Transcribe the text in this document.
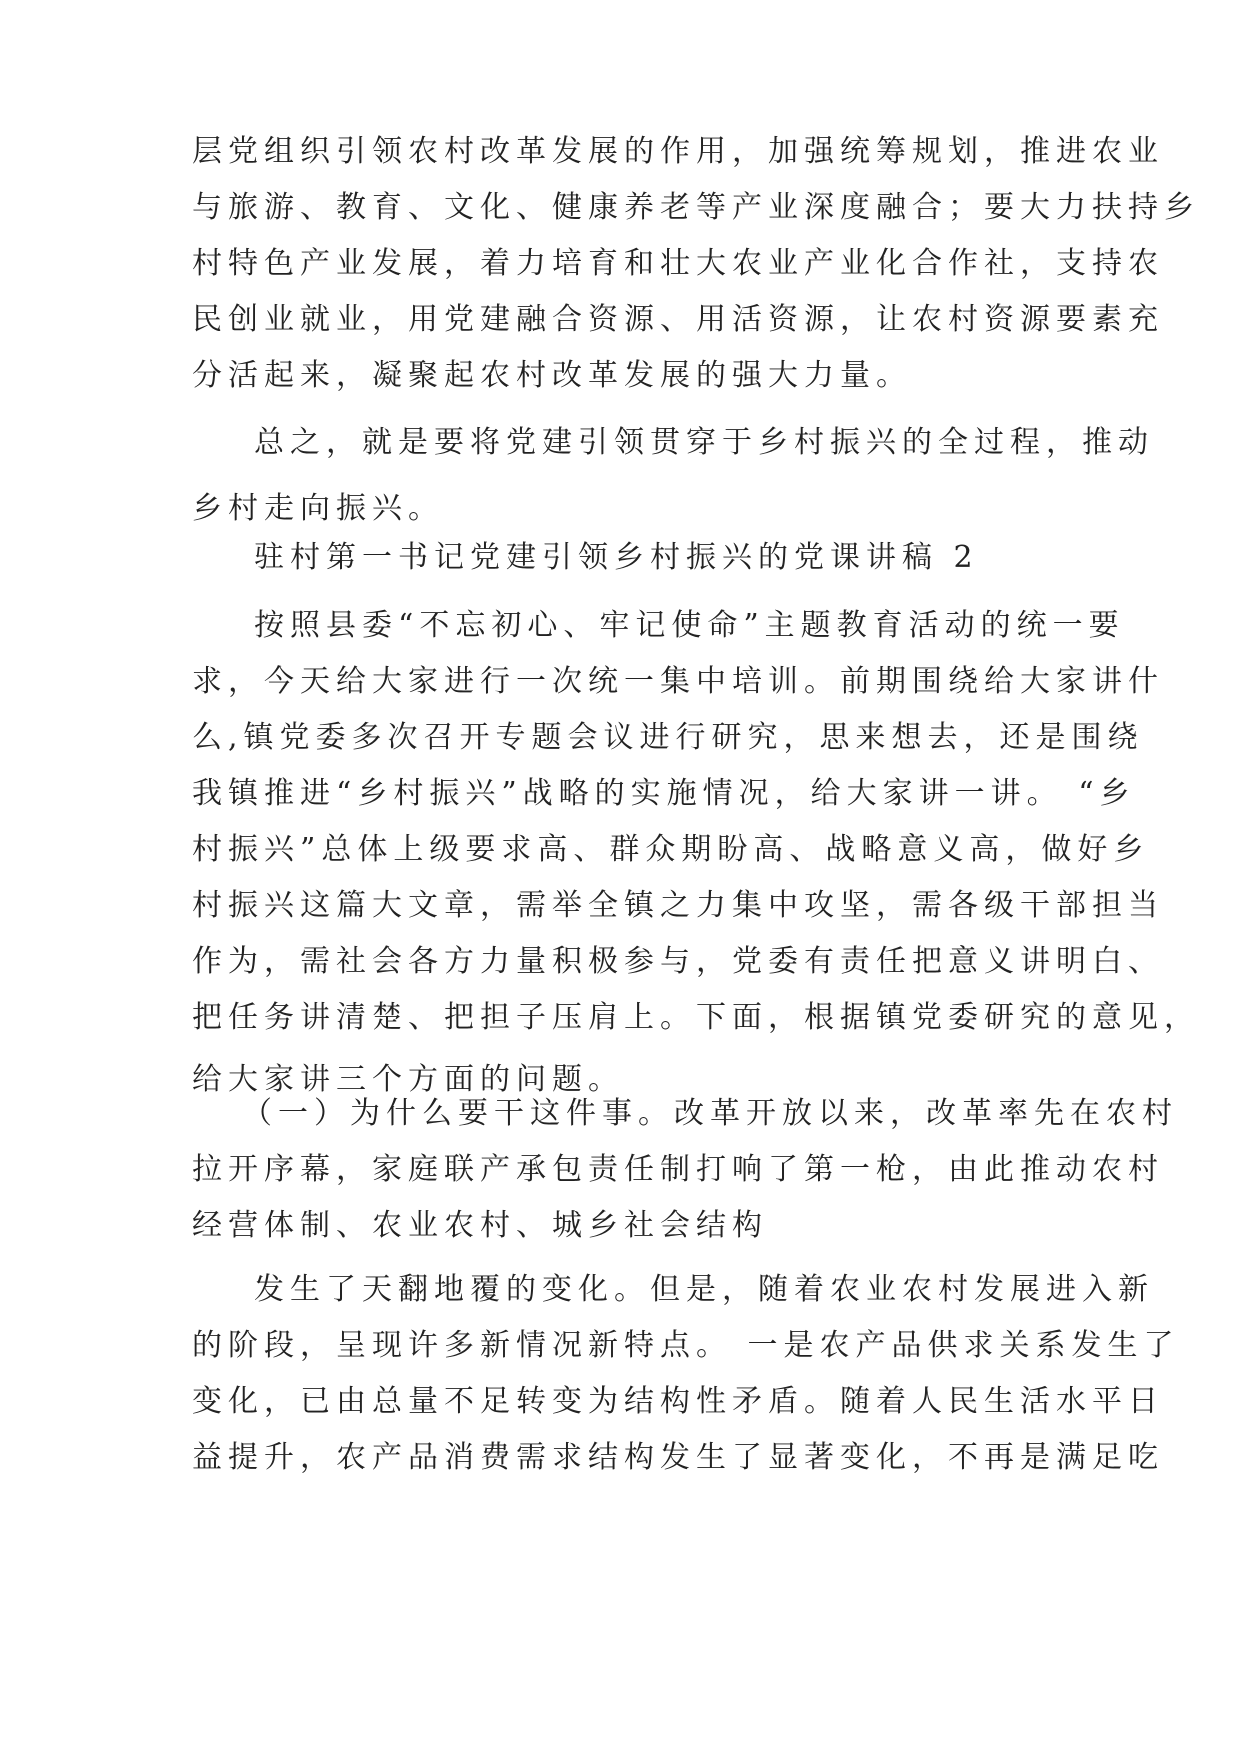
层党组织引领农村改革发展的作用，加强统筹规划，推进农业

与旅游、教育、文化、健康养老等产业深度融合；要大力扶持乡

村特色产业发展，着力培育和壮大农业产业化合作社，支持农

民创业就业，用党建融合资源、用活资源，让农村资源要素充

分活起来，凝聚起农村改革发展的强大力量。

总之，就是要将党建引领贯穿于乡村振兴的全过程，推动

乡村走向振兴。

驻村第一书记党建引领乡村振兴的党课讲稿 2

按照县委“不忘初心、牢记使命”主题教育活动的统一要

求，今天给大家进行一次统一集中培训。前期围绕给大家讲什

么,镇党委多次召开专题会议进行研究，思来想去，还是围绕

我镇推进“乡村振兴”战略的实施情况，给大家讲一讲。 “乡

村振兴”总体上级要求高、群众期盼高、战略意义高，做好乡

村振兴这篇大文章，需举全镇之力集中攻坚，需各级干部担当

作为，需社会各方力量积极参与，党委有责任把意义讲明白、

把任务讲清楚、把担子压肩上。下面，根据镇党委研究的意见，

给大家讲三个方面的问题。

（一）为什么要干这件事。改革开放以来，改革率先在农村

拉开序幕，家庭联产承包责任制打响了第一枪，由此推动农村

经营体制、农业农村、城乡社会结构

发生了天翻地覆的变化。但是，随着农业农村发展进入新

的阶段，呈现许多新情况新特点。 一是农产品供求关系发生了

变化，已由总量不足转变为结构性矛盾。随着人民生活水平日

益提升，农产品消费需求结构发生了显著变化，不再是满足吃
